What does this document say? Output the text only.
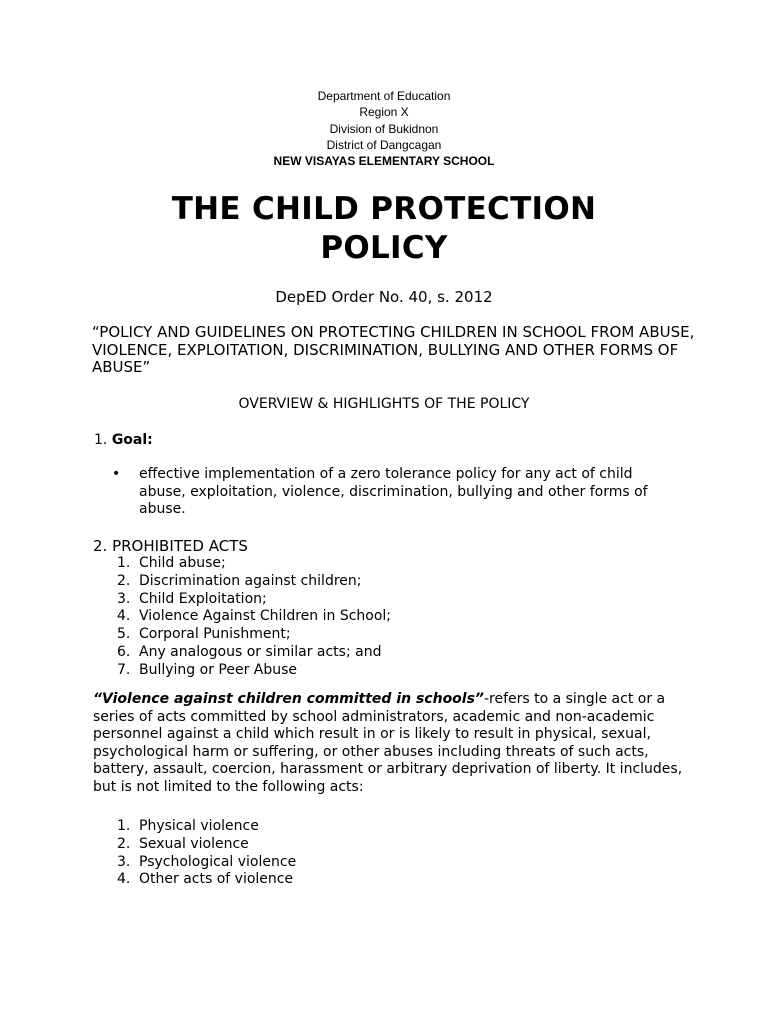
Department of Education
Region X
Division of Bukidnon
District of Dangcagan
NEW VISAYAS ELEMENTARY SCHOOL
THE CHILD PROTECTION
POLICY
DepED Order No. 40, s. 2012
“POLICY AND GUIDELINES ON PROTECTING CHILDREN IN SCHOOL FROM ABUSE, VIOLENCE, EXPLOITATION, DISCRIMINATION, BULLYING AND OTHER FORMS OF ABUSE”
OVERVIEW & HIGHLIGHTS OF THE POLICY
1. Goal:
•	effective implementation of a zero tolerance policy for any act of child abuse, exploitation, violence, discrimination, bullying and other forms of abuse.
2. PROHIBITED ACTS
1. Child abuse;
2. Discrimination against children;
3. Child Exploitation;
4. Violence Against Children in School;
5. Corporal Punishment;
6. Any analogous or similar acts; and
7. Bullying or Peer Abuse
“Violence against children committed in schools”-refers to a single act or a series of acts committed by school administrators, academic and non-academic personnel against a child which result in or is likely to result in physical, sexual, psychological harm or suffering, or other abuses including threats of such acts, battery, assault, coercion, harassment or arbitrary deprivation of liberty. It includes, but is not limited to the following acts:
1. Physical violence
2. Sexual violence
3. Psychological violence
4. Other acts of violence
